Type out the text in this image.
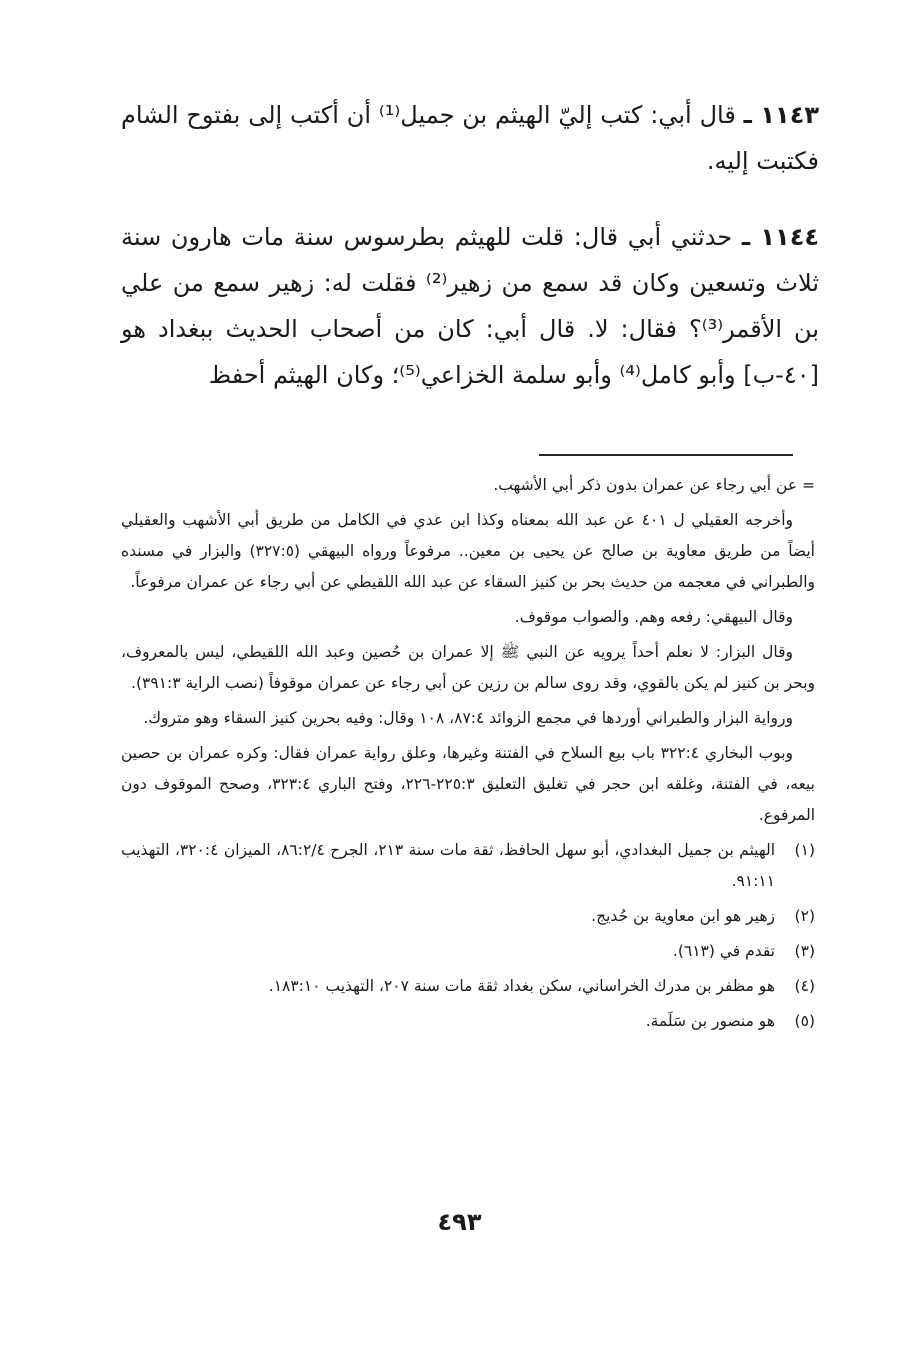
١١٤٣ ـ قال أبي: كتب إليّ الهيثم بن جميل⁽¹⁾ أن أكتب إلى بفتوح الشام فكتبت إليه.

١١٤٤ ـ حدثني أبي قال: قلت للهيثم بطرسوس سنة مات هارون سنة ثلاث وتسعين وكان قد سمع من زهير⁽²⁾ فقلت له: زهير سمع من علي بن الأقمر⁽³⁾؟ فقال: لا. قال أبي: كان من أصحاب الحديث ببغداد هو [٤٠-ب] وأبو كامل⁽⁴⁾ وأبو سلمة الخزاعي⁽⁵⁾؛ وكان الهيثم أحفظ

= عن أبي رجاء عن عمران بدون ذكر أبي الأشهب.

وأخرجه العقيلي ل ٤٠١ عن عبد الله بمعناه وكذا ابن عدي في الكامل من طريق أبي الأشهب والعقيلي أيضاً من طريق معاوية بن صالح عن يحيى بن معين.. مرفوعاً ورواه البيهقي (٣٢٧:٥) والبزار في مسنده والطبراني في معجمه من حديث بحر بن كنيز السقاء عن عبد الله اللقيطي عن أبي رجاء عن عمران مرفوعاً.

وقال البيهقي: رفعه وهم. والصواب موقوف.

وقال البزار: لا نعلم أحداً يرويه عن النبي ﷺ إلا عمران بن حُصين وعبد الله اللقيطي، ليس بالمعروف، وبحر بن كنيز لم يكن بالقوي، وقد روى سالم بن رزين عن أبي رجاء عن عمران موقوفاً (نصب الراية ٣٩١:٣).

ورواية البزار والطبراني أوردها في مجمع الزوائد ٨٧:٤، ١٠٨ وقال: وفيه بحرين كنيز السقاء وهو متروك.

وبوب البخاري ٣٢٢:٤ باب بيع السلاح في الفتنة وغيرها، وعلق رواية عمران فقال: وكره عمران بن حصين بيعه، في الفتنة، وغلقه ابن حجر في تغليق التعليق ٢٢٥:٣-٢٢٦، وفتح الباري ٣٢٣:٤، وصحح الموقوف دون المرفوع.

(١)
الهيثم بن جميل البغدادي، أبو سهل الحافظ، ثقة مات سنة ٢١٣، الجرح ٨٦:٢/٤، الميزان ٣٢٠:٤، التهذيب ٩١:١١.
(٢)
زهير هو ابن معاوية بن حُديج.
(٣)
تقدم في (٦١٣).
(٤)
هو مظفر بن مدرك الخراساني، سكن بغداد ثقة مات سنة ٢٠٧، التهذيب ١٨٣:١٠.
(٥)
هو منصور بن سَلَمة.
٤٩٣
